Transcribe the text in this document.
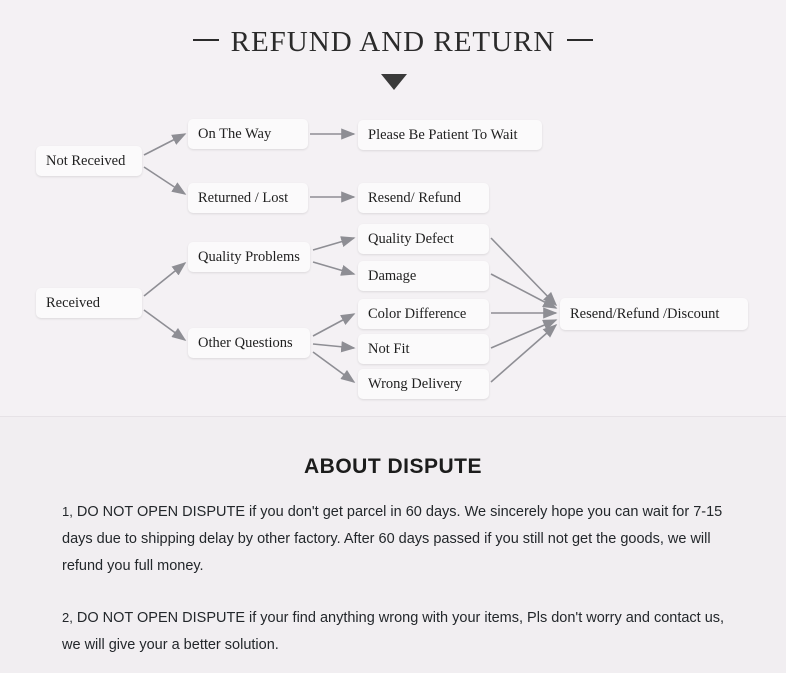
REFUND AND RETURN
Not Received
Received
On The Way
Returned / Lost
Quality Problems
Other Questions
Please Be Patient To Wait
Resend/ Refund
Quality Defect
Damage
Color Difference
Not Fit
Wrong Delivery
Resend/Refund /Discount
ABOUT DISPUTE
1, DO NOT OPEN DISPUTE if you don't get parcel in 60 days. We sincerely hope you can wait for 7-15 days due to shipping delay by other factory. After 60 days passed if you still not get the goods, we will refund you full money.
2, DO NOT OPEN DISPUTE if your find anything wrong with your items, Pls don't worry and contact us, we will give your a better solution.
